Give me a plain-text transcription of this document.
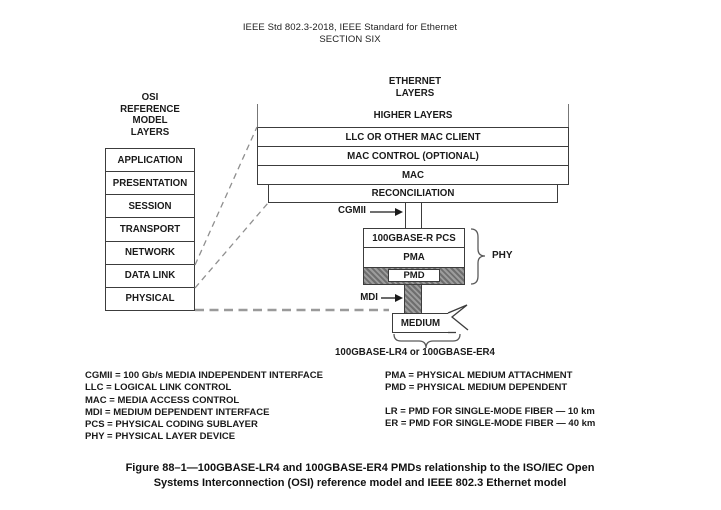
IEEE Std 802.3-2018, IEEE Standard for Ethernet
SECTION SIX
OSI
REFERENCE
MODEL
LAYERS
APPLICATION
PRESENTATION
SESSION
TRANSPORT
NETWORK
DATA LINK
PHYSICAL
ETHERNET
LAYERS
HIGHER LAYERS
LLC OR OTHER MAC CLIENT
MAC CONTROL (OPTIONAL)
MAC
RECONCILIATION
CGMII
100GBASE-R PCS
PMA
PMD
PHY
MDI
MEDIUM
100GBASE-LR4 or 100GBASE-ER4
CGMII = 100 Gb/s MEDIA INDEPENDENT INTERFACE
LLC = LOGICAL LINK CONTROL
MAC = MEDIA ACCESS CONTROL
MDI = MEDIUM DEPENDENT INTERFACE
PCS = PHYSICAL CODING SUBLAYER
PHY = PHYSICAL LAYER DEVICE
PMA = PHYSICAL MEDIUM ATTACHMENT
PMD = PHYSICAL MEDIUM DEPENDENT
LR = PMD FOR SINGLE-MODE FIBER — 10 km
ER = PMD FOR SINGLE-MODE FIBER — 40 km
Figure 88–1—100GBASE-LR4 and 100GBASE-ER4 PMDs relationship to the ISO/IEC Open
Systems Interconnection (OSI) reference model and IEEE 802.3 Ethernet model
